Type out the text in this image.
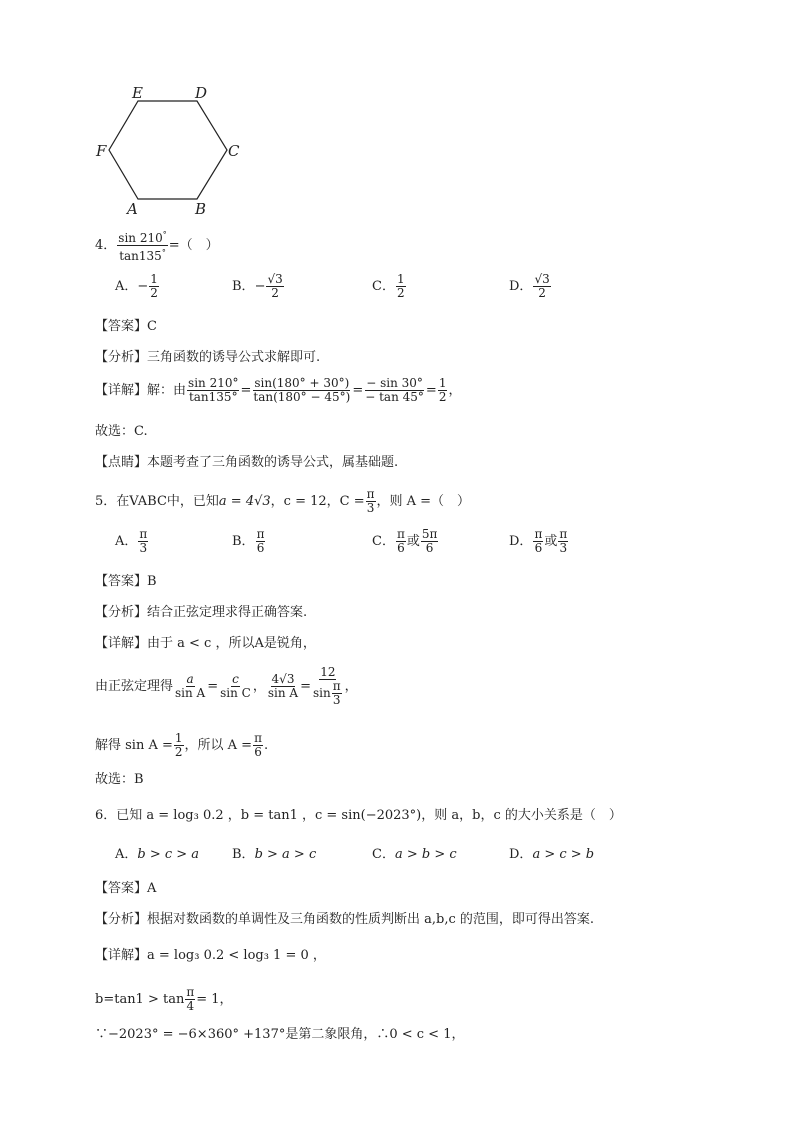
E	D
F	C
A	B
4． $\frac{\sin 210^\circ}{\tan 135^\circ}$ =（　）
A．− $\frac{1}{2}$	B．− $\frac{√3}{2}$	C． $\frac{1}{2}$	D． $\frac{√3}{2}$
【答案】C
【分析】三角函数的诱导公式求解即可.
【详解】解：由 $\frac{\sin 210^\circ}{\tan 135^\circ} = \frac{\sin(180^\circ + 30^\circ)}{\tan(180^\circ - 45^\circ)} = \frac{- \sin 30^\circ}{- \tan 45^\circ} = \frac{1}{2}$ ，
故选：C.
【点睛】本题考查了三角函数的诱导公式，属基础题.
5．在VABC中，已知a = 4√3，c = 12，$C = \frac{\pi}{3}$ ，则 A =（　）
A． $\frac{\pi}{3}$	B． $\frac{\pi}{6}$	C． $\frac{\pi}{6}$ 或 $\frac{5\pi}{6}$	D． $\frac{\pi}{6}$ 或 $\frac{\pi}{3}$
【答案】B
【分析】结合正弦定理求得正确答案.
【详解】由于 a < c ，所以A是锐角，
由正弦定理得 $\frac{a}{\text{sin A}} = \frac{c}{\text{sin C}}$ ， $\frac{4√3}{\text{sin A}} = \frac{12}{\sin \frac{\pi}{3}}$ ，
解得 $\sin A = \frac{1}{2}$ ，所以 $A = \frac{\pi}{6}$ .
故选：B
6．已知 a = log₃ 0.2 ，b = tan1 ，c = sin(−2023°)，则 a，b，c 的大小关系是（　）
A．b > c > a	B．b > a > c	C．a > b > c	D．a > c > b
【答案】A
【分析】根据对数函数的单调性及三角函数的性质判断出 a,b,c 的范围，即可得出答案.
【详解】a = log₃ 0.2 < log₃ 1 = 0 ，
$b=\tan 1 > \tan \frac{\pi}{4} = 1$，
∵−2023° = −6×360° +137°是第二象限角，∴0 < c < 1，
